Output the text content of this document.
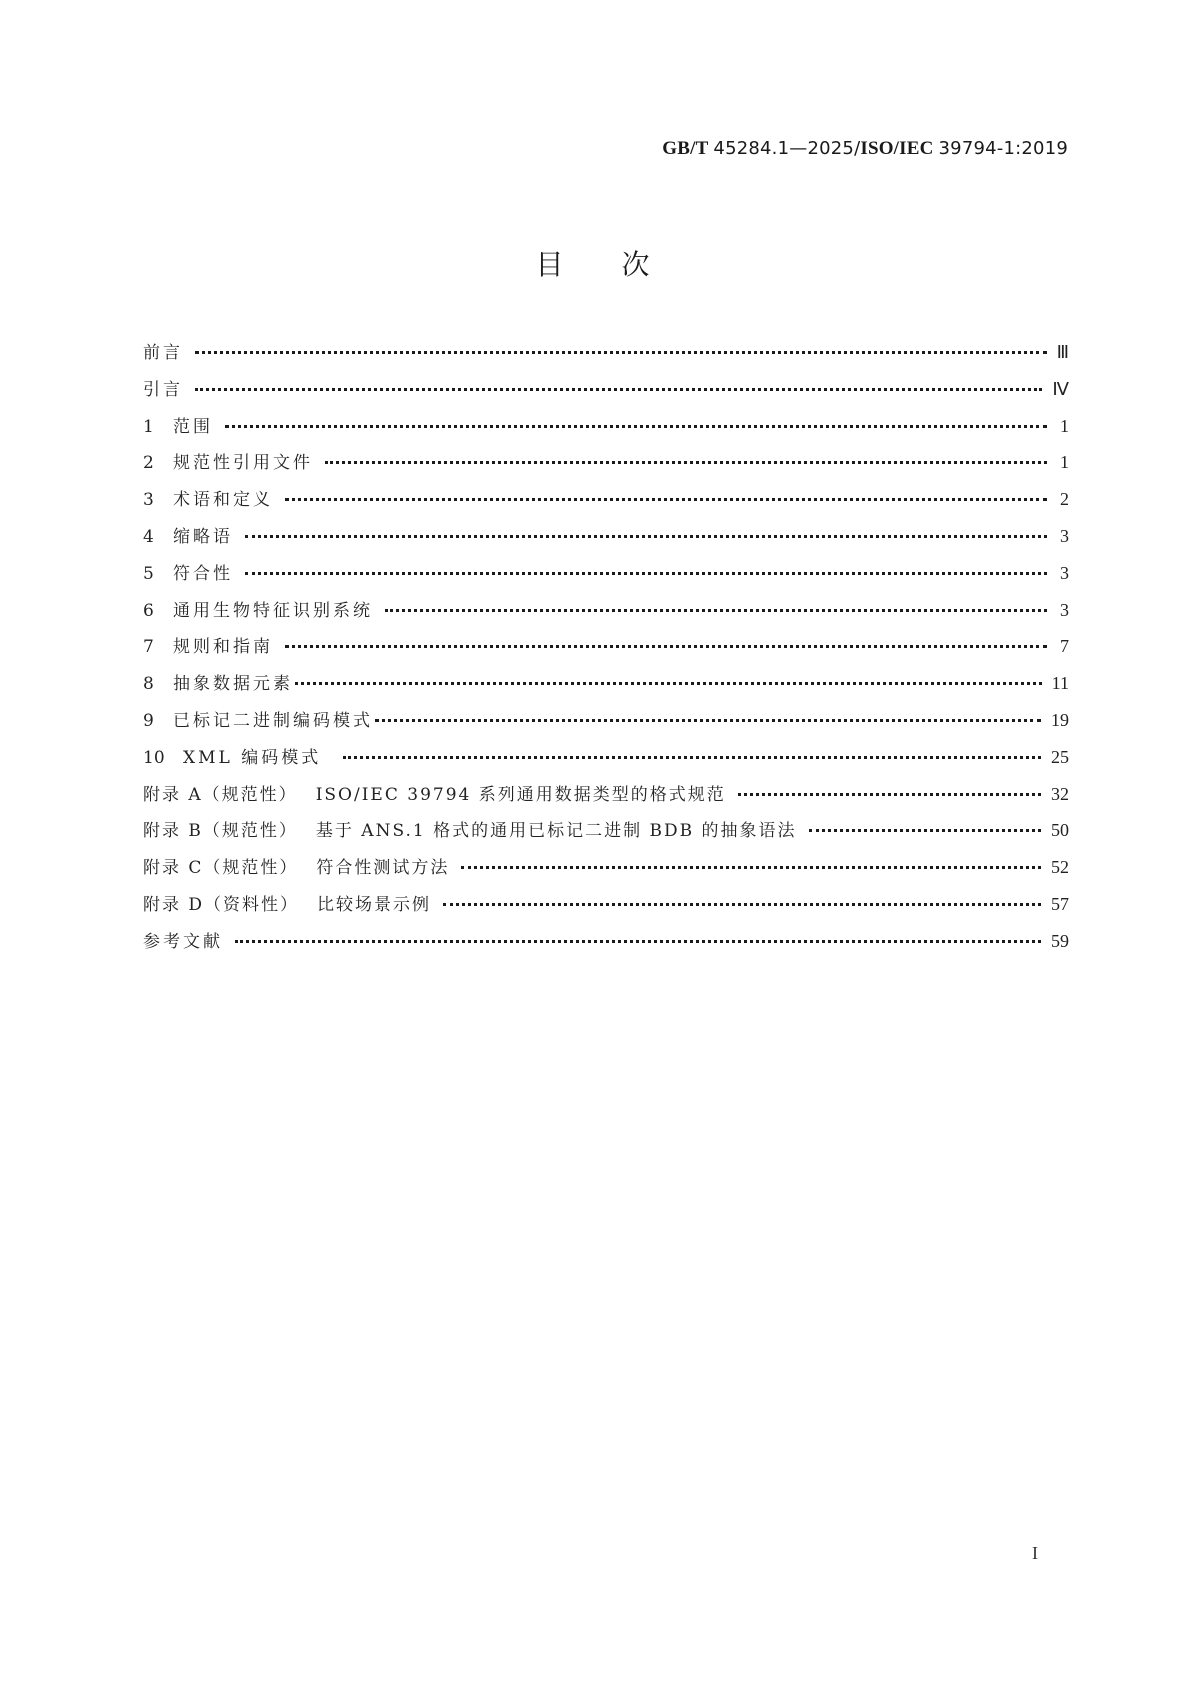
GB/T 45284.1—2025/ISO/IEC 39794-1:2019
目次
前言	Ⅲ
引言	Ⅳ
1	范围	1
2	规范性引用文件	1
3	术语和定义	2
4	缩略语	3
5	符合性	3
6	通用生物特征识别系统	3
7	规则和指南	7
8	抽象数据元素	11
9	已标记二进制编码模式	19
10	XML 编码模式	25
附录 A（规范性） ISO/IEC 39794 系列通用数据类型的格式规范	32
附录 B（规范性） 基于 ANS.1 格式的通用已标记二进制 BDB 的抽象语法	50
附录 C（规范性） 符合性测试方法	52
附录 D（资料性） 比较场景示例	57
参考文献	59
I
